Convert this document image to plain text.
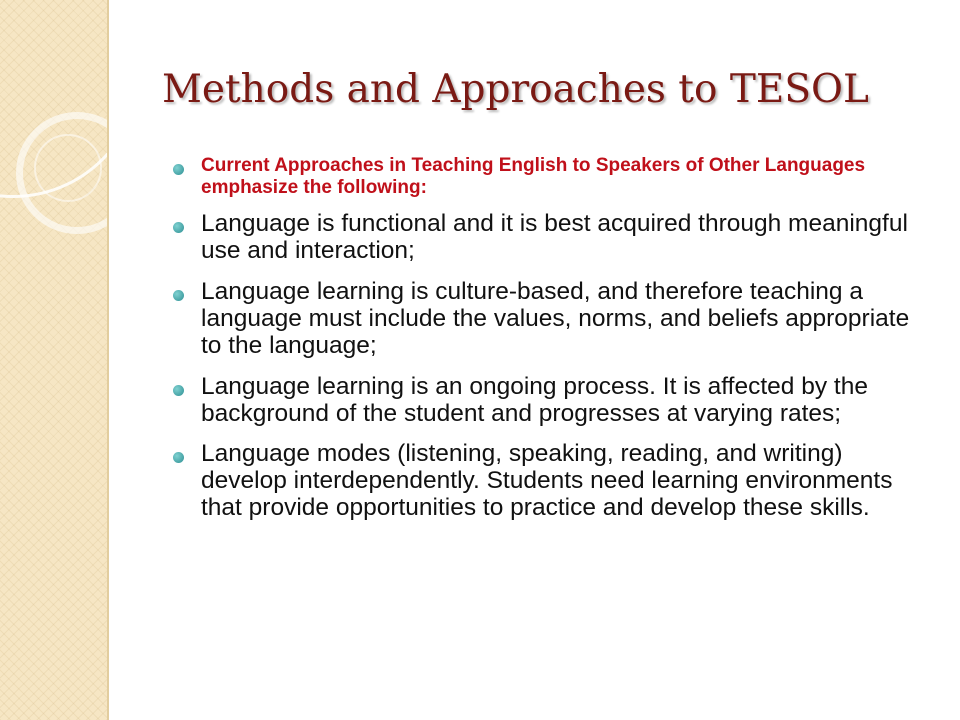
Methods and Approaches to TESOL
Current Approaches in Teaching English to Speakers of Other Languages emphasize the following:
Language is functional and it is best acquired through meaningful use and interaction;
Language learning is culture-based, and therefore teaching a language must include the values, norms, and beliefs appropriate to the language;
Language learning is an ongoing process. It is affected by the background of the student and progresses at varying rates;
Language modes (listening, speaking, reading, and writing) develop interdependently. Students need learning environments that provide opportunities to practice and develop these skills.
